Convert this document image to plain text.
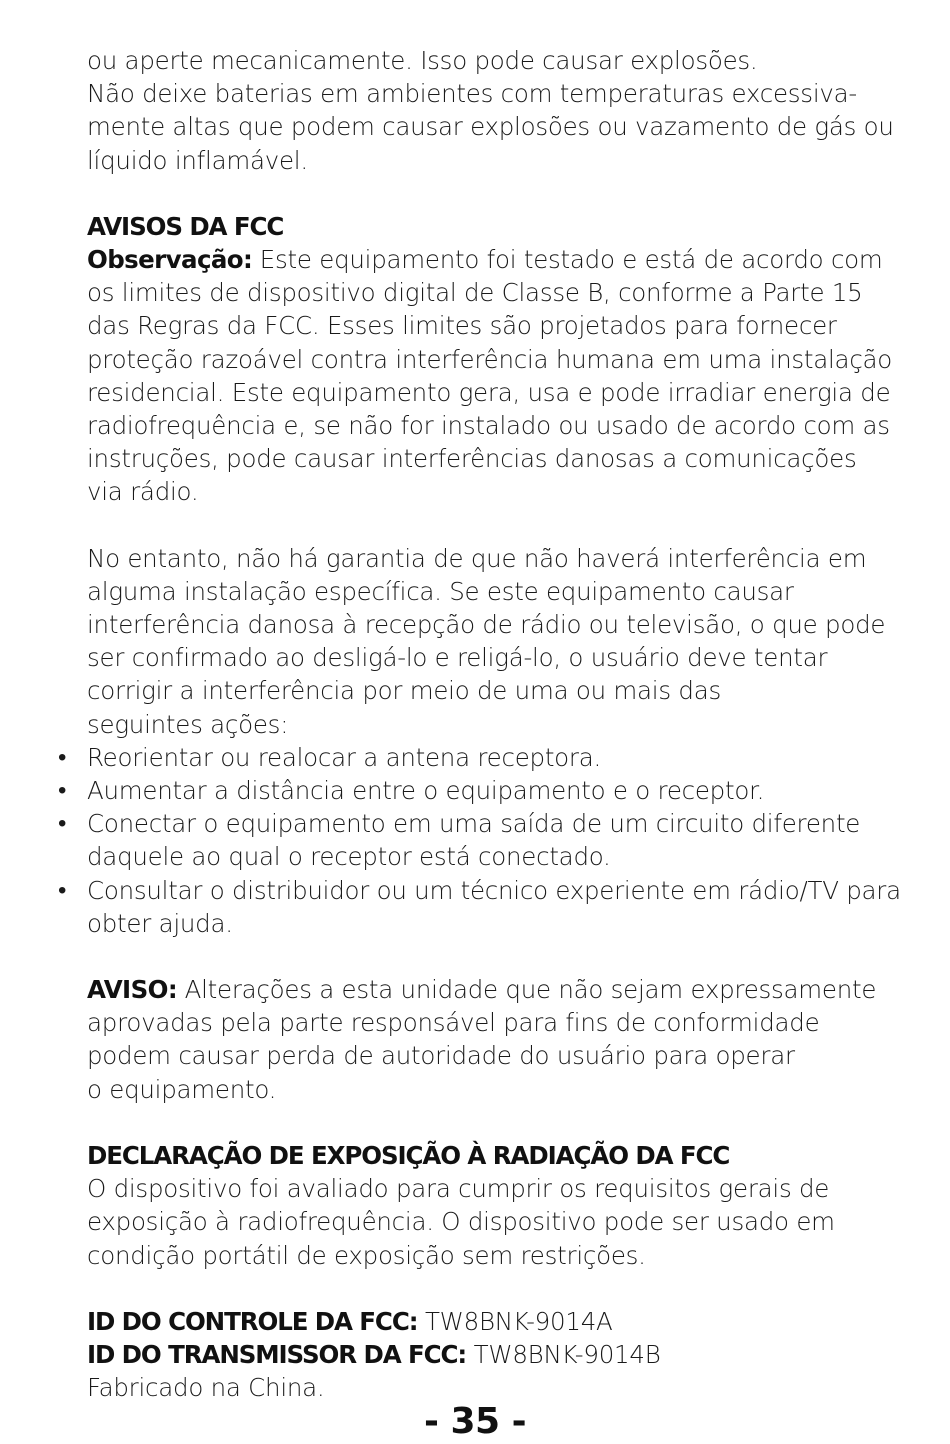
ou aperte mecanicamente. Isso pode causar explosões.
Não deixe baterias em ambientes com temperaturas excessiva-
mente altas que podem causar explosões ou vazamento de gás ou
líquido inflamável.
AVISOS DA FCC
Observação: Este equipamento foi testado e está de acordo com
os limites de dispositivo digital de Classe B, conforme a Parte 15
das Regras da FCC. Esses limites são projetados para fornecer
proteção razoável contra interferência humana em uma instalação
residencial. Este equipamento gera, usa e pode irradiar energia de
radiofrequência e, se não for instalado ou usado de acordo com as
instruções, pode causar interferências danosas a comunicações
via rádio.
No entanto, não há garantia de que não haverá interferência em
alguma instalação específica. Se este equipamento causar
interferência danosa à recepção de rádio ou televisão, o que pode
ser confirmado ao desligá-lo e religá-lo, o usuário deve tentar
corrigir a interferência por meio de uma ou mais das
seguintes ações:
• Reorientar ou realocar a antena receptora.
• Aumentar a distância entre o equipamento e o receptor.
• Conectar o equipamento em uma saída de um circuito diferente
daquele ao qual o receptor está conectado.
• Consultar o distribuidor ou um técnico experiente em rádio/TV para
obter ajuda.
AVISO: Alterações a esta unidade que não sejam expressamente
aprovadas pela parte responsável para fins de conformidade
podem causar perda de autoridade do usuário para operar
o equipamento.
DECLARAÇÃO DE EXPOSIÇÃO À RADIAÇÃO DA FCC
O dispositivo foi avaliado para cumprir os requisitos gerais de
exposição à radiofrequência. O dispositivo pode ser usado em
condição portátil de exposição sem restrições.
ID DO CONTROLE DA FCC: TW8BNK-9014A
ID DO TRANSMISSOR DA FCC: TW8BNK-9014B
Fabricado na China.
- 35 -
